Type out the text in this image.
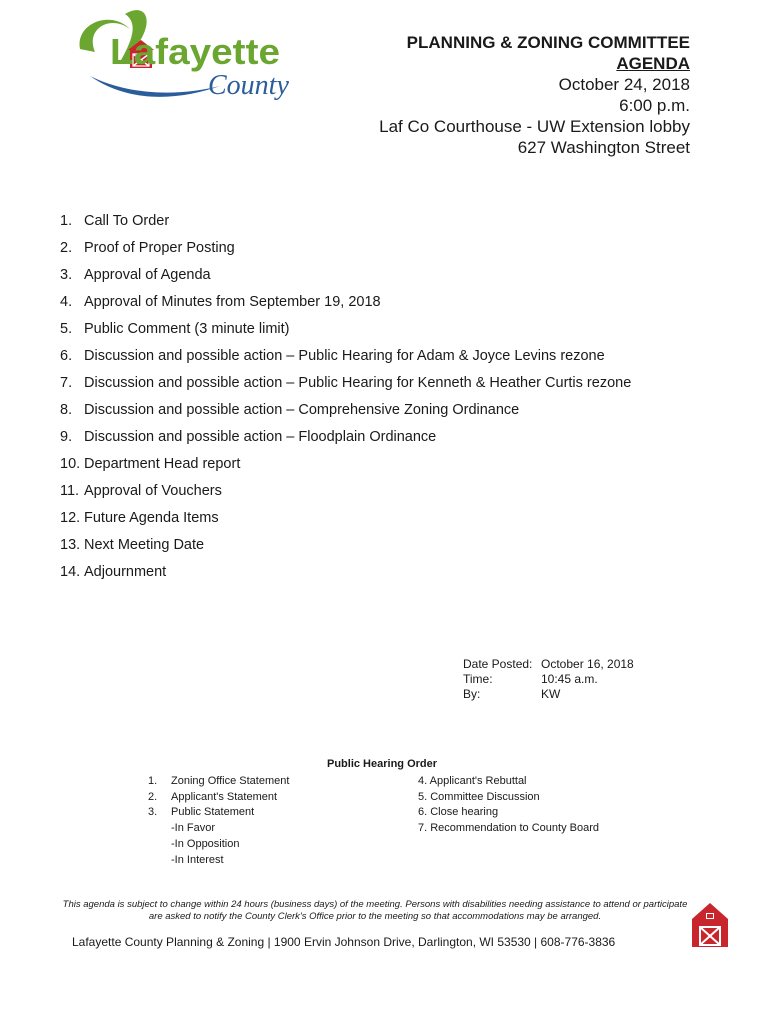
Lafayette
County
PLANNING & ZONING COMMITTEE
AGENDA
October 24, 2018
6:00 p.m.
Laf Co Courthouse - UW Extension lobby
627 Washington Street
1. Call To Order
2. Proof of Proper Posting
3. Approval of Agenda
4. Approval of Minutes from September 19, 2018
5. Public Comment (3 minute limit)
6. Discussion and possible action – Public Hearing for Adam & Joyce Levins rezone
7. Discussion and possible action – Public Hearing for Kenneth & Heather Curtis rezone
8. Discussion and possible action – Comprehensive Zoning Ordinance
9. Discussion and possible action – Floodplain Ordinance
10. Department Head report
11. Approval of Vouchers
12. Future Agenda Items
13. Next Meeting Date
14. Adjournment
Date Posted: October 16, 2018
Time:	10:45 a.m.
By:	KW
Public Hearing Order
1. Zoning Office Statement
2. Applicant's Statement
3. Public Statement
-In Favor
-In Opposition
-In Interest
4. Applicant's Rebuttal
5. Committee Discussion
6. Close hearing
7. Recommendation to County Board
This agenda is subject to change within 24 hours (business days) of the meeting. Persons with disabilities needing assistance to attend or participate are asked to notify the County Clerk's Office prior to the meeting so that accommodations may be arranged.
Lafayette County Planning & Zoning | 1900 Ervin Johnson Drive, Darlington, WI 53530 | 608-776-3836
